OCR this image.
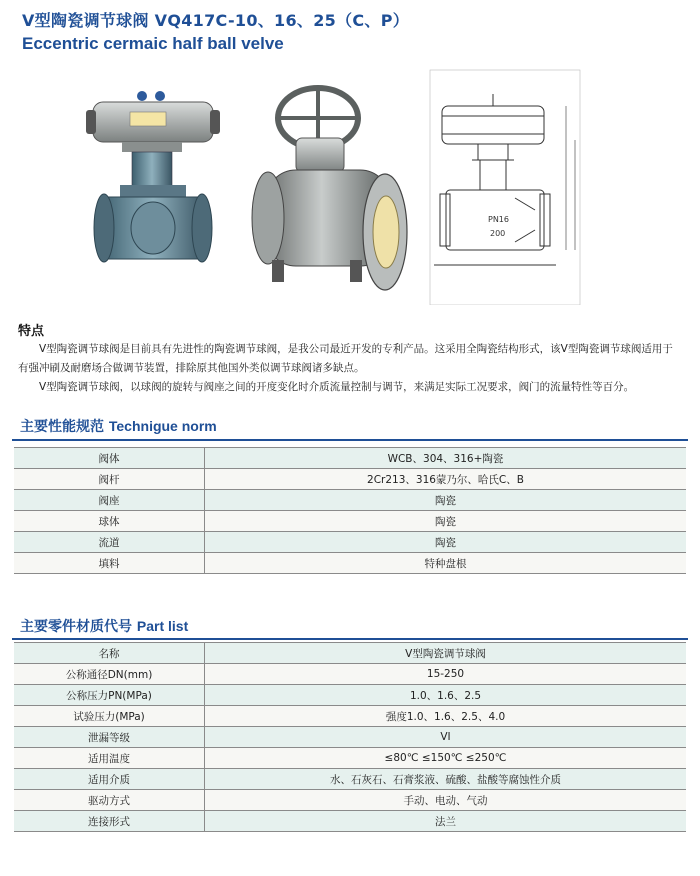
V型陶瓷调节球阀 VQ417C-10、16、25（C、P）
Eccentric cermaic half ball velve
PN16
200
特点
V型陶瓷调节球阀是目前具有先进性的陶瓷调节球阀，是我公司最近开发的专利产品。这采用全陶瓷结构形式，该V型陶瓷调节球阀适用于有强冲刷及耐磨场合做调节装置，排除原其他国外类似调节球阀诸多缺点。
V型陶瓷调节球阀，以球阀的旋转与阀座之间的开度变化时介质流量控制与调节，来满足实际工况要求，阀门的流量特性等百分。
主要性能规范 Technigue norm
阀体	WCB、304、316+陶瓷
阀杆	2Cr213、316蒙乃尔、哈氏C、B
阀座	陶瓷
球体	陶瓷
流道	陶瓷
填料	特种盘根
主要零件材质代号 Part list
名称	V型陶瓷调节球阀
公称通径DN(mm)	15-250
公称压力PN(MPa)	1.0、1.6、2.5
试验压力(MPa)	强度1.0、1.6、2.5、4.0
泄漏等级	VI
适用温度	≤80℃ ≤150℃ ≤250℃
适用介质	水、石灰石、石膏浆液、硫酸、盐酸等腐蚀性介质
驱动方式	手动、电动、气动
连接形式	法兰
